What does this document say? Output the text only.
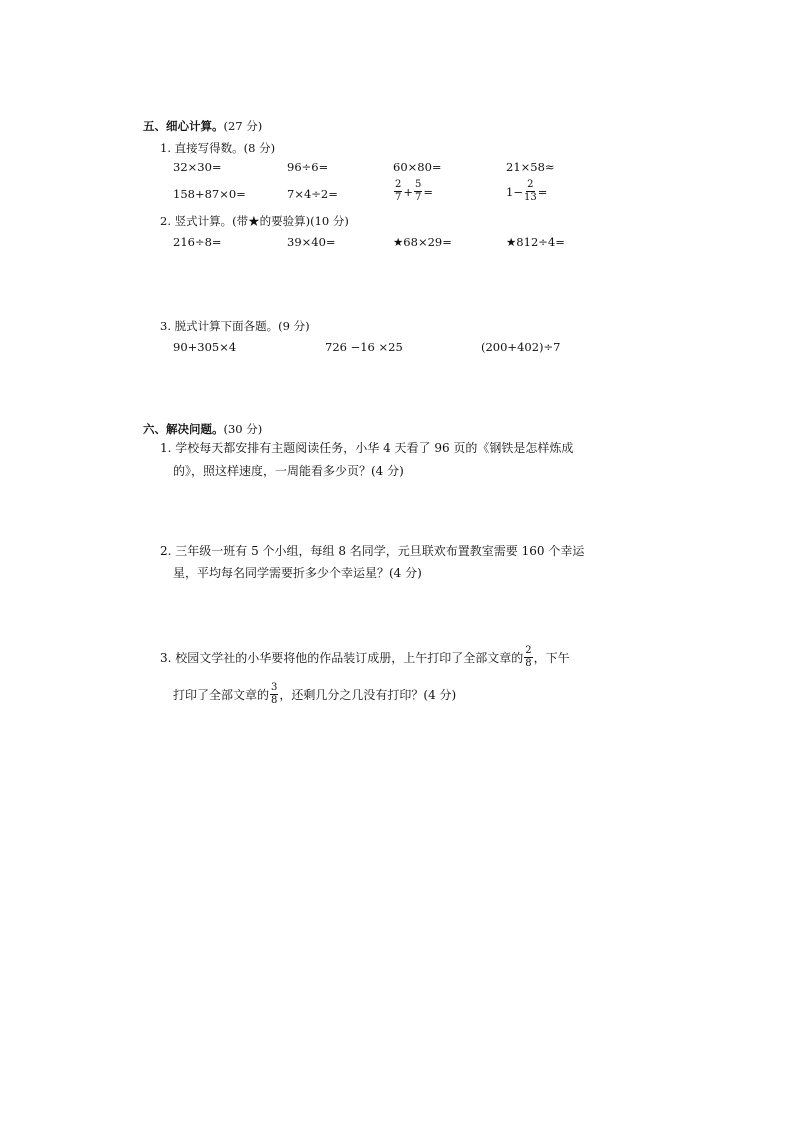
五、细心计算。(27 分)
1. 直接写得数。(8 分)
32×30=	96÷6=	60×80=	21×58≈
158+87×0=	7×4÷2=	$\frac{2}{7} + \frac{5}{7}$ =	$1- \frac{2}{13}$ =
2. 竖式计算。(带★的要验算)(10 分)
216÷8=	39×40=	★68×29=	★812÷4=
3. 脱式计算下面各题。(9 分)
90+305×4	726 −16 ×25	(200+402)÷7
六、解决问题。(30 分)
1. 学校每天都安排有主题阅读任务，小华 4 天看了 96 页的《钢铁是怎样炼成
的》，照这样速度，一周能看多少页？(4 分)
2. 三年级一班有 5 个小组，每组 8 名同学，元旦联欢布置教室需要 160 个幸运
星，平均每名同学需要折多少个幸运星？(4 分)
3. 校园文学社的小华要将他的作品装订成册，上午打印了全部文章的 $\frac{2}{8}$ ，下午
打印了全部文章的 $\frac{3}{8}$ ，还剩几分之几没有打印？(4 分)
